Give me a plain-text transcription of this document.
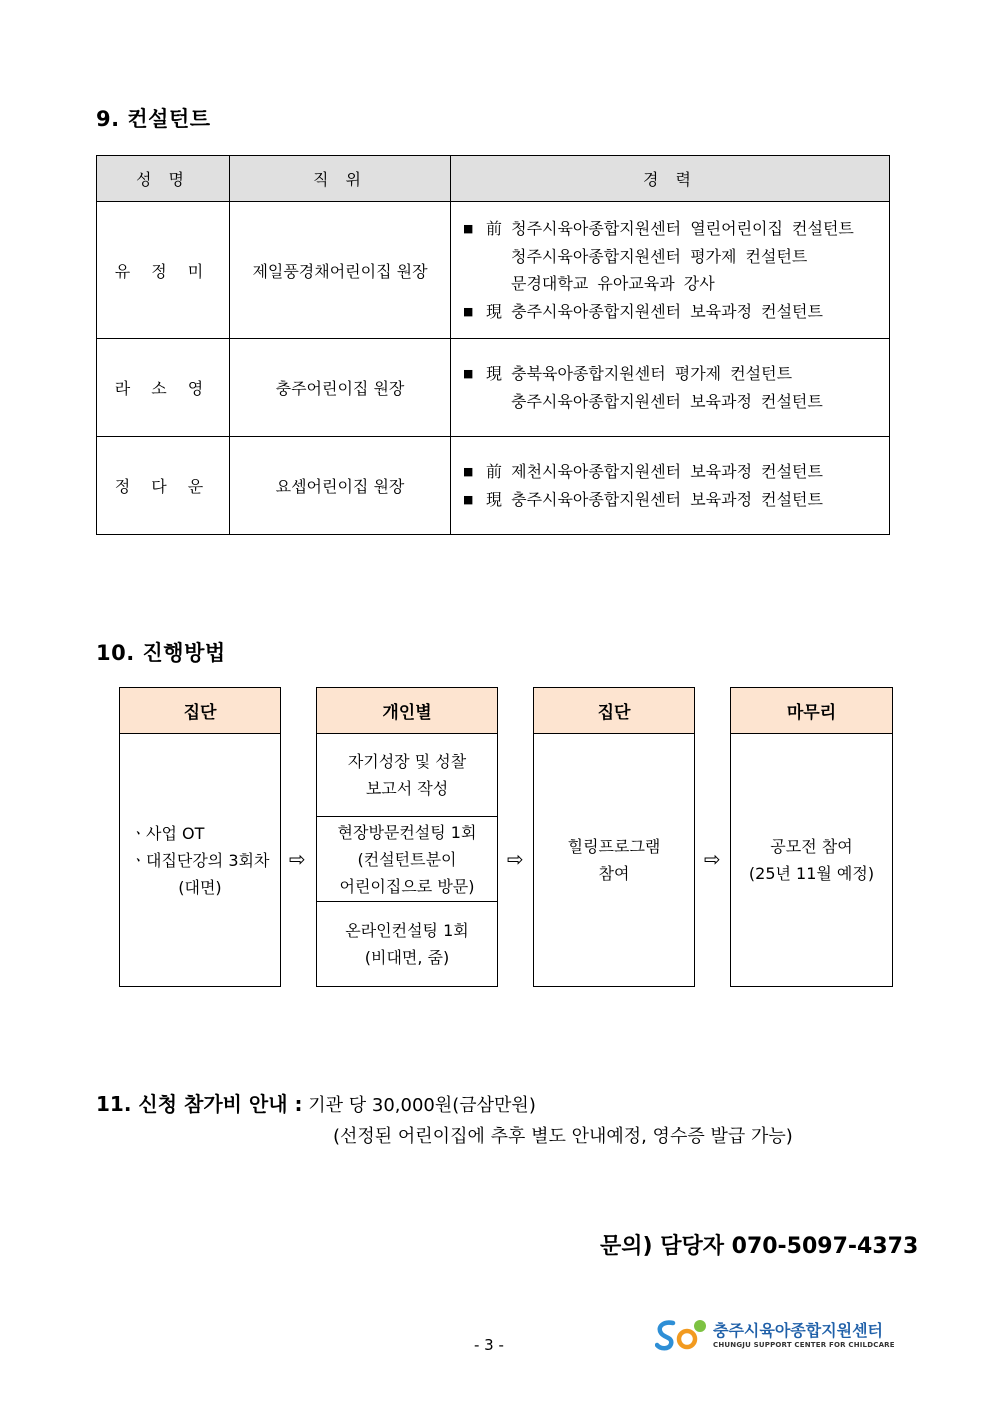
9. 컨설턴트
성 명	직 위	경 력
유 정 미	제일풍경채어린이집 원장	■ 前 청주시육아종합지원센터 열린어린이집 컨설턴트
청주시육아종합지원센터 평가제 컨설턴트
문경대학교 유아교육과 강사
■ 現 충주시육아종합지원센터 보육과정 컨설턴트

라 소 영	충주어린이집 원장	■ 現 충북육아종합지원센터 평가제 컨설턴트
충주시육아종합지원센터 보육과정 컨설턴트

정 다 운	요셉어린이집 원장	■ 前 제천시육아종합지원센터 보육과정 컨설턴트
■ 現 충주시육아종합지원센터 보육과정 컨설턴트
10. 진행방법
집단
ㆍ사업 OT
ㆍ대집단강의 3회차
(대면)
⇨
개인별
자기성장 및 성찰
보고서 작성
현장방문컨설팅 1회
(컨설턴트분이
어린이집으로 방문)
온라인컨설팅 1회
(비대면, 줌)
⇨
집단
힐링프로그램
참여
⇨
마무리
공모전 참여
(25년 11월 예정)
11. 신청 참가비 안내 : 기관 당 30,000원(금삼만원)
(선정된 어린이집에 추후 별도 안내예정, 영수증 발급 가능)
문의) 담당자 070-5097-4373
- 3 -
충주시육아종합지원센터
CHUNGJU SUPPORT CENTER FOR CHILDCARE
